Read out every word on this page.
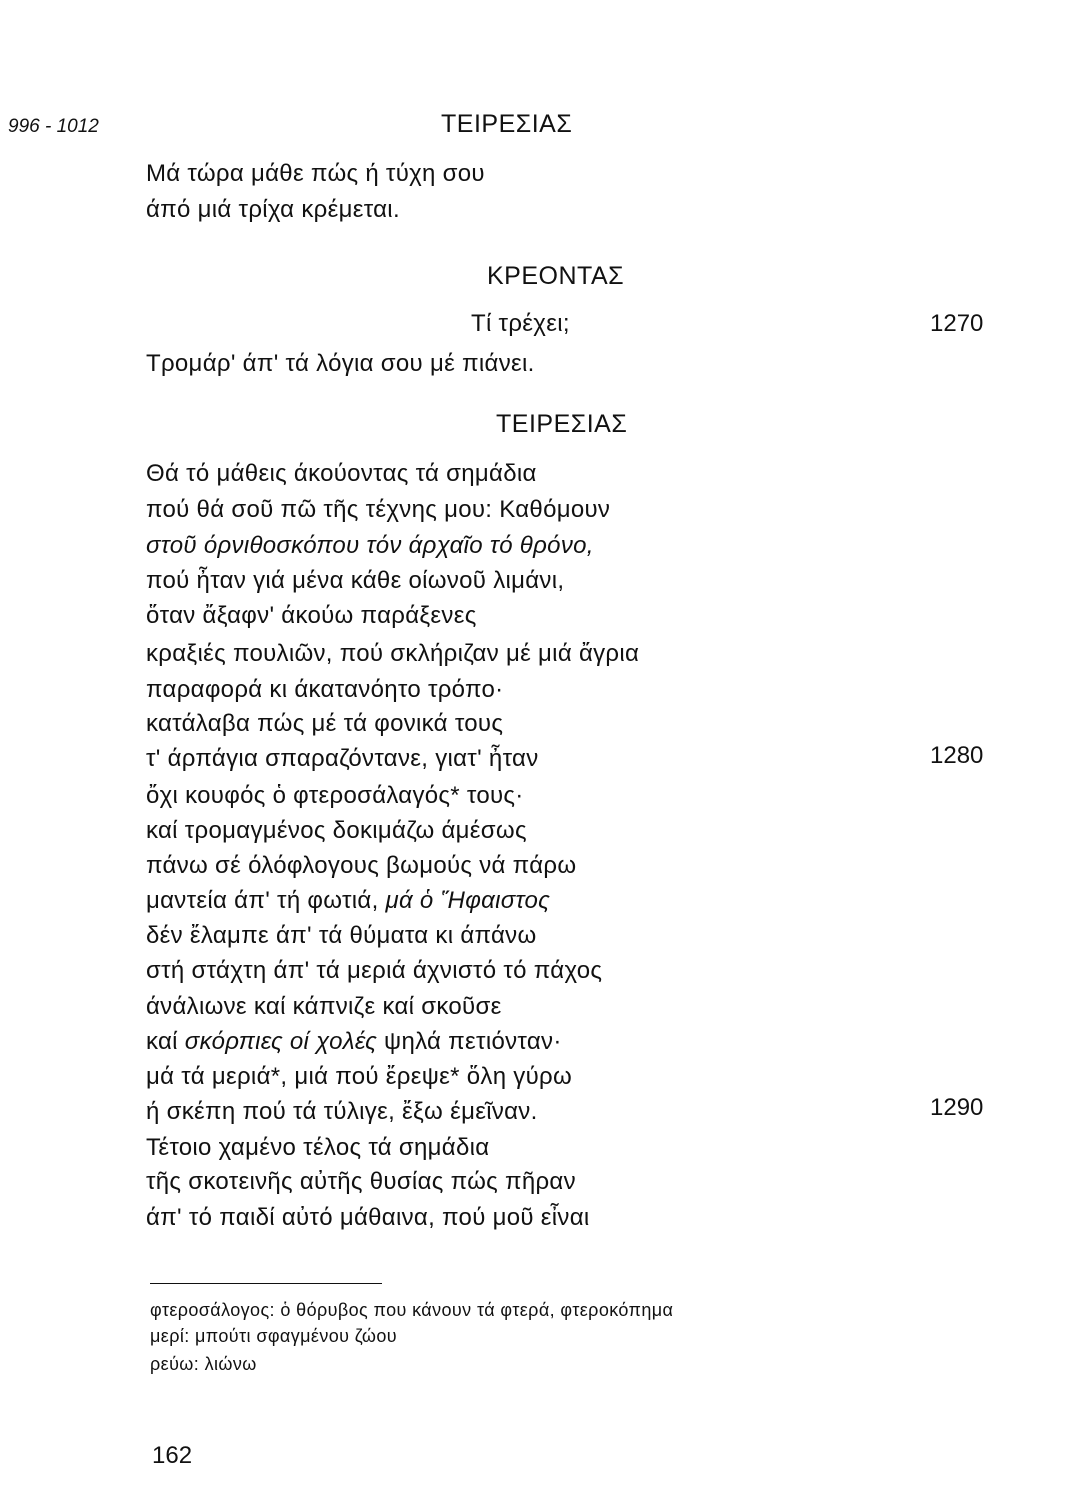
996 - 1012	ΤΕΙΡΕΣΙΑΣ
Μά τώρα μάθε πώς ή τύχη σου
άπό μιά τρίχα κρέμεται.
ΚΡΕΟΝΤΑΣ
Τί τρέχει;	1270
Τρομάρ' άπ' τά λόγια σου μέ πιάνει.
ΤΕΙΡΕΣΙΑΣ
Θά τό μάθεις άκούοντας τά σημάδια
πού θά σοῦ πῶ τῆς τέχνης μου: Καθόμουν
στοῦ όρνιθοσκόπου τόν άρχαῖο τό θρόνο,
πού ἦταν γιά μένα κάθε οίωνοῦ λιμάνι,
ὅταν ἄξαφν' άκούω παράξενες
κραξιές πουλιῶν, πού σκλήριζαν μέ μιά ἄγρια
παραφορά κι άκατανόητο τρόπο·
κατάλαβα πώς μέ τά φονικά τους
τ' άρπάγια σπαραζόντανε, γιατ' ἦταν	1280
ὄχι κουφός ὁ φτεροσάλαγός* τους·
καί τρομαγμένος δοκιμάζω άμέσως
πάνω σέ όλόφλογους βωμούς νά πάρω
μαντεία άπ' τή φωτιά, μά ὁ Ἥφαιστος
δέν ἔλαμπε άπ' τά θύματα κι άπάνω
στή στάχτη άπ' τά μεριά άχνιστό τό πάχος
άνάλιωνε καί κάπνιζε καί σκοῦσε
καί σκόρπιες οί χολές ψηλά πετιόνταν·
μά τά μεριά*, μιά πού ἔρεψε* ὅλη γύρω
ή σκέπη πού τά τύλιγε, ἔξω έμεῖναν.	1290
Τέτοιο χαμένο τέλος τά σημάδια
τῆς σκοτεινῆς αὐτῆς θυσίας πώς πῆραν
άπ' τό παιδί αὐτό μάθαινα, πού μοῦ εἶναι
φτεροσάλογος: ὁ θόρυβος που κάνουν τά φτερά, φτεροκόπημα
μερί: μπούτι σφαγμένου ζώου
ρεύω: λιώνω
162
